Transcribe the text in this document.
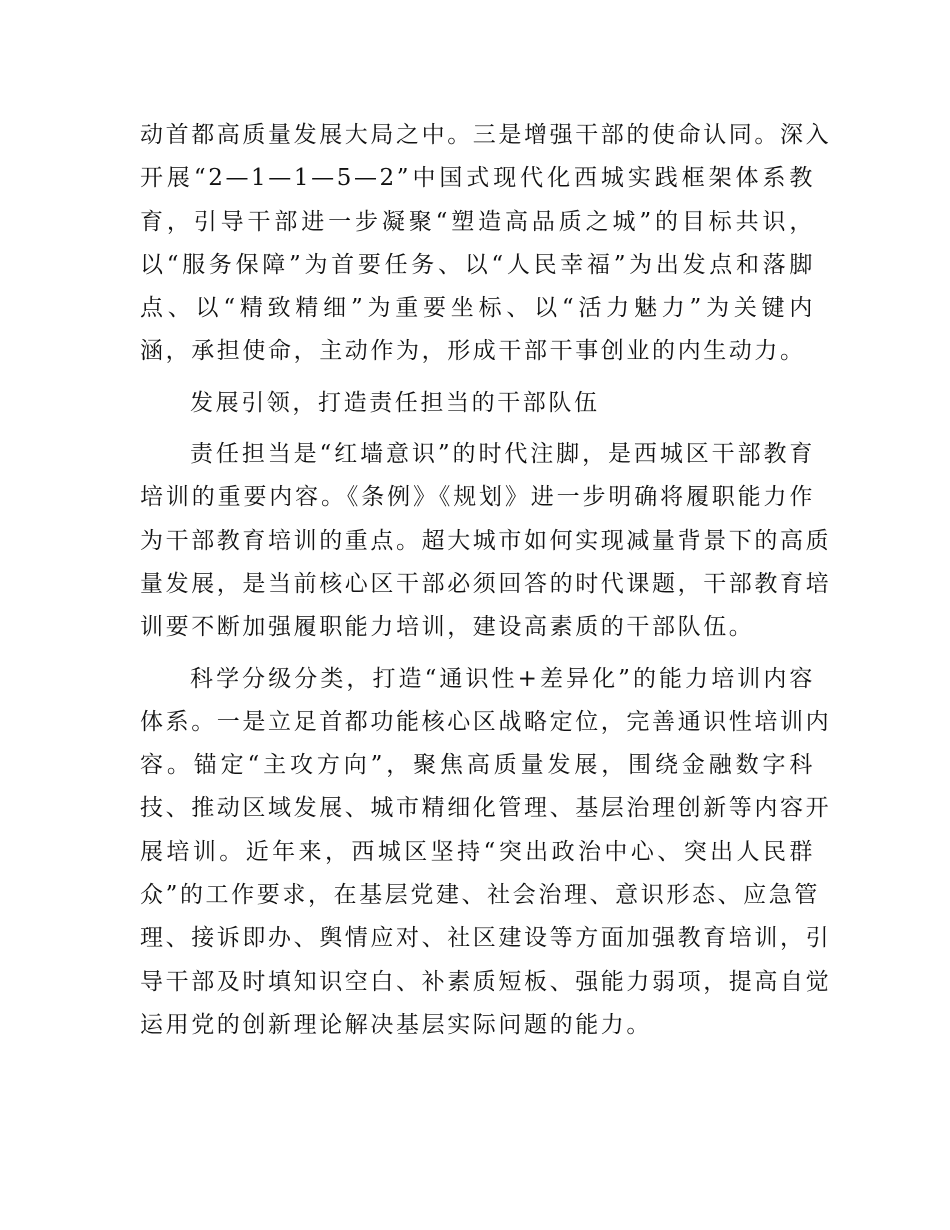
动首都高质量发展大局之中。三是增强干部的使命认同。深入
开展“2—1—1—5—2”中国式现代化西城实践框架体系教
育，引导干部进一步凝聚“塑造高品质之城”的目标共识，
以“服务保障”为首要任务、以“人民幸福”为出发点和落脚
点、以“精致精细”为重要坐标、以“活力魅力”为关键内
涵，承担使命，主动作为，形成干部干事创业的内生动力。
发展引领，打造责任担当的干部队伍
责任担当是“红墙意识”的时代注脚，是西城区干部教育
培训的重要内容。《条例》《规划》进一步明确将履职能力作
为干部教育培训的重点。超大城市如何实现减量背景下的高质
量发展，是当前核心区干部必须回答的时代课题，干部教育培
训要不断加强履职能力培训，建设高素质的干部队伍。
科学分级分类，打造“通识性+差异化”的能力培训内容
体系。一是立足首都功能核心区战略定位，完善通识性培训内
容。锚定“主攻方向”，聚焦高质量发展，围绕金融数字科
技、推动区域发展、城市精细化管理、基层治理创新等内容开
展培训。近年来，西城区坚持“突出政治中心、突出人民群
众”的工作要求，在基层党建、社会治理、意识形态、应急管
理、接诉即办、舆情应对、社区建设等方面加强教育培训，引
导干部及时填知识空白、补素质短板、强能力弱项，提高自觉
运用党的创新理论解决基层实际问题的能力。
